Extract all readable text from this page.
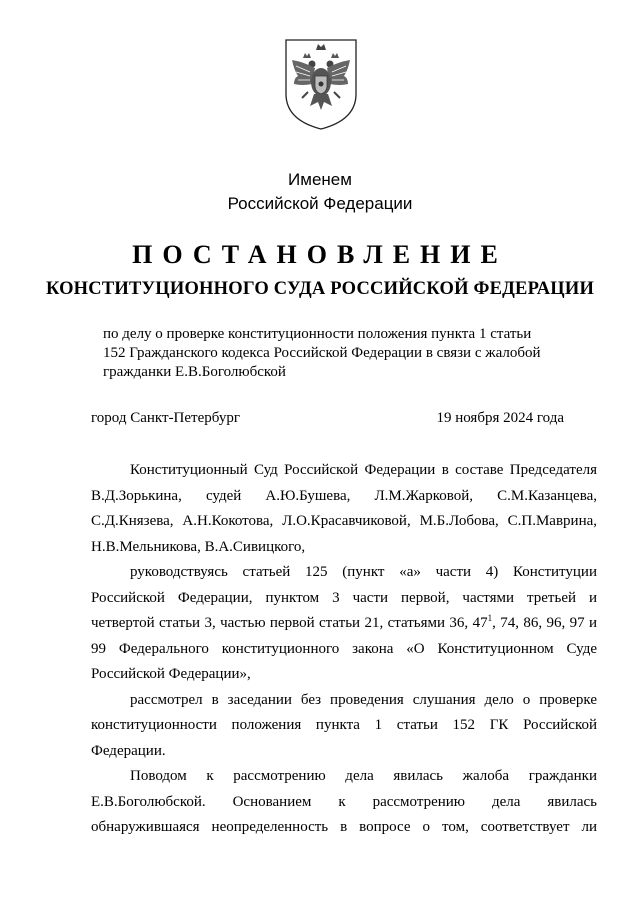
Именем
Российской Федерации
ПОСТАНОВЛЕНИЕ
КОНСТИТУЦИОННОГО СУДА РОССИЙСКОЙ ФЕДЕРАЦИИ
по делу о проверке конституционности положения пункта 1 статьи
152 Гражданского кодекса Российской Федерации в связи с жалобой
гражданки Е.В.Боголюбской
город Санкт-Петербург	19 ноября 2024 года
Конституционный Суд Российской Федерации в составе Председателя
В.Д.Зорькина, судей А.Ю.Бушева, Л.М.Жарковой, С.М.Казанцева,
С.Д.Князева, А.Н.Кокотова, Л.О.Красавчиковой, М.Б.Лобова, С.П.Маврина,
Н.В.Мельникова, В.А.Сивицкого,
руководствуясь статьей 125 (пункт «а» части 4) Конституции
Российской Федерации, пунктом 3 части первой, частями третьей и
четвертой статьи 3, частью первой статьи 21, статьями 36, $47^1$, 74, 86, 96, 97 и
99 Федерального конституционного закона «О Конституционном Суде
Российской Федерации»,
рассмотрел в заседании без проведения слушания дело о проверке
конституционности положения пункта 1 статьи 152 ГК Российской
Федерации.
Поводом к рассмотрению дела явилась жалоба гражданки
Е.В.Боголюбской. Основанием к рассмотрению дела явилась
обнаружившаяся неопределенность в вопросе о том, соответствует ли
